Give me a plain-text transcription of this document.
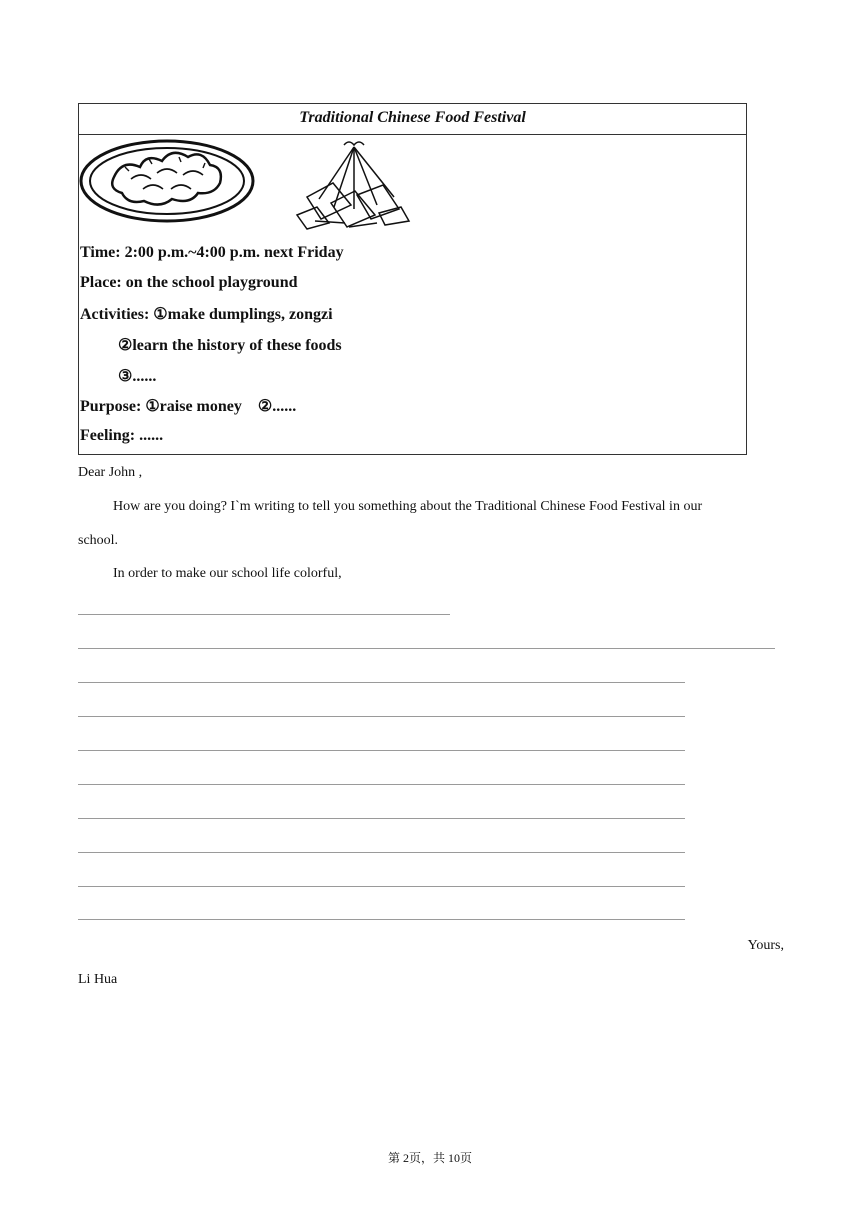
Traditional Chinese Food Festival
Time: 2:00 p.m.~4:00 p.m. next Friday
Place: on the school playground
Activities: ①make dumplings, zongzi
②learn the history of these foods
③......
Purpose: ①raise money    ②......
Feeling: ......
Dear John ,
How are you doing? I`m writing to tell you something about the Traditional Chinese Food Festival in our
school.
In order to make our school life colorful,
Yours,
Li Hua
第 2页，共 10页
